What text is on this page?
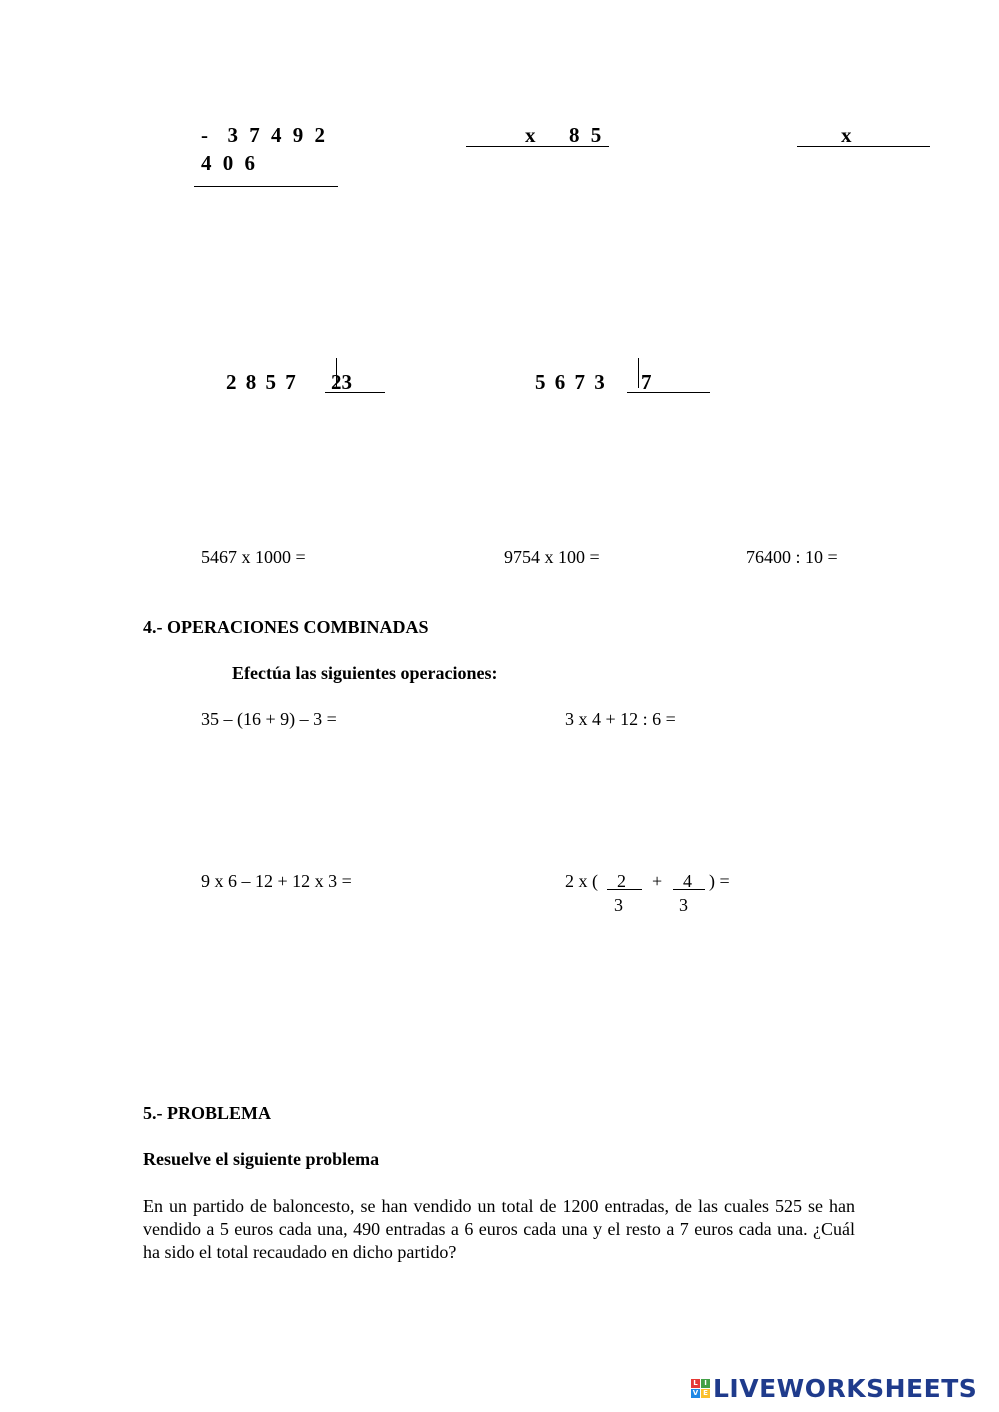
- 3 7 4 9 2
4 0 6
x 8 5	x
2 8 5 7 23	5 6 7 3 7
5467 x 1000 =	9754 x 100 =	76400 : 10 =
4.- OPERACIONES COMBINADAS
Efectúa las siguientes operaciones:
35 – (16 + 9) – 3 =	3 x 4 + 12 : 6 =
9 x 6 – 12 + 12 x 3 =	2 x ( 2
3
+ 4
3
) =
5.- PROBLEMA
Resuelve el siguiente problema
En un partido de baloncesto, se han vendido un total de 1200 entradas, de las cuales 525 se han vendido a 5 euros cada una, 490 entradas a 6 euros cada una y el resto a 7 euros cada una. ¿Cuál ha sido el total recaudado en dicho partido?
L I
V E LIVEWORKSHEETS
